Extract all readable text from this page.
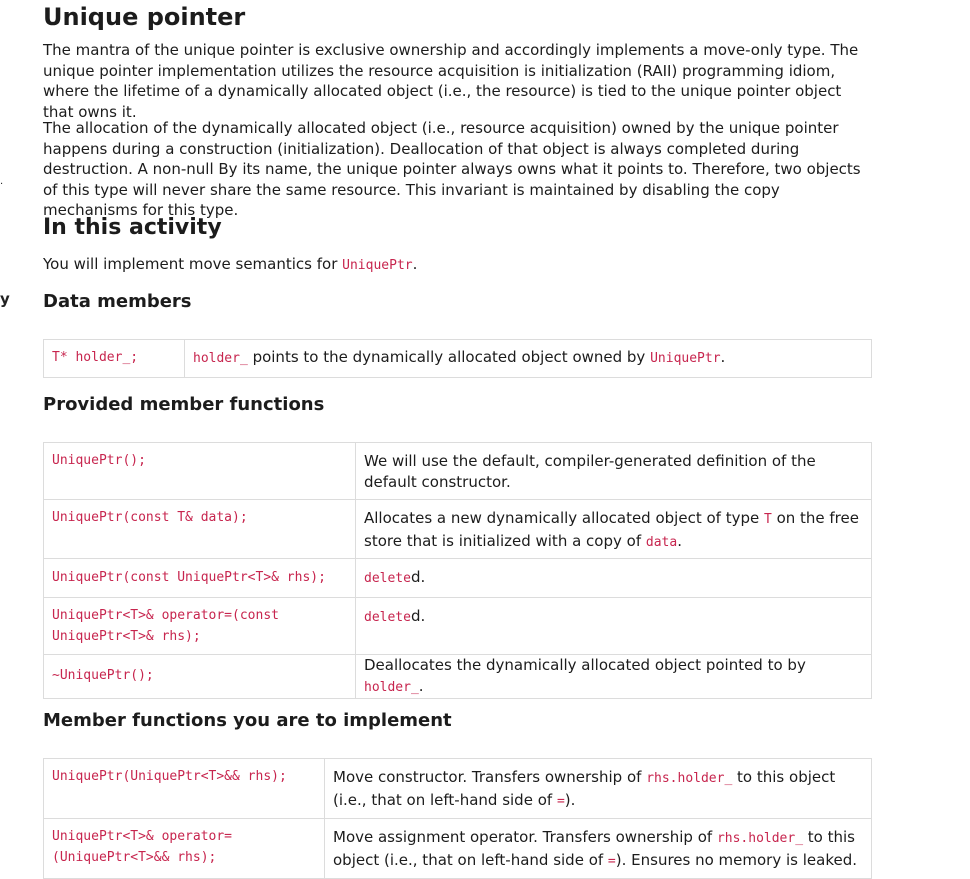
.
y
Unique pointer

The mantra of the unique pointer is exclusive ownership and accordingly implements a move-only type. The unique pointer implementation utilizes the resource acquisition is initialization (RAII) programming idiom, where the lifetime of a dynamically allocated object (i.e., the resource) is tied to the unique pointer object that owns it.

The allocation of the dynamically allocated object (i.e., resource acquisition) owned by the unique pointer happens during a construction (initialization). Deallocation of that object is always completed during destruction. A non-null By its name, the unique pointer always owns what it points to. Therefore, two objects of this type will never share the same resource. This invariant is maintained by disabling the copy mechanisms for this type.

In this activity

You will implement move semantics for UniquePtr.

Data members
T* holder_;	holder_ points to the dynamically allocated object owned by UniquePtr.
Provided member functions
UniquePtr();	We will use the default, compiler-generated definition of the default constructor.
UniquePtr(const T& data);	Allocates a new dynamically allocated object of type T on the free store that is initialized with a copy of data.
UniquePtr(const UniquePtr<T>& rhs);	deleted.
UniquePtr<T>& operator=(const
UniquePtr<T>& rhs);	deleted.
~UniquePtr();	Deallocates the dynamically allocated object pointed to by holder_.
Member functions you are to implement
UniquePtr(UniquePtr<T>&& rhs);	Move constructor. Transfers ownership of rhs.holder_ to this object (i.e., that on left-hand side of =).
UniquePtr<T>& operator=
(UniquePtr<T>&& rhs);	Move assignment operator. Transfers ownership of rhs.holder_ to this object (i.e., that on left-hand side of =). Ensures no memory is leaked.
